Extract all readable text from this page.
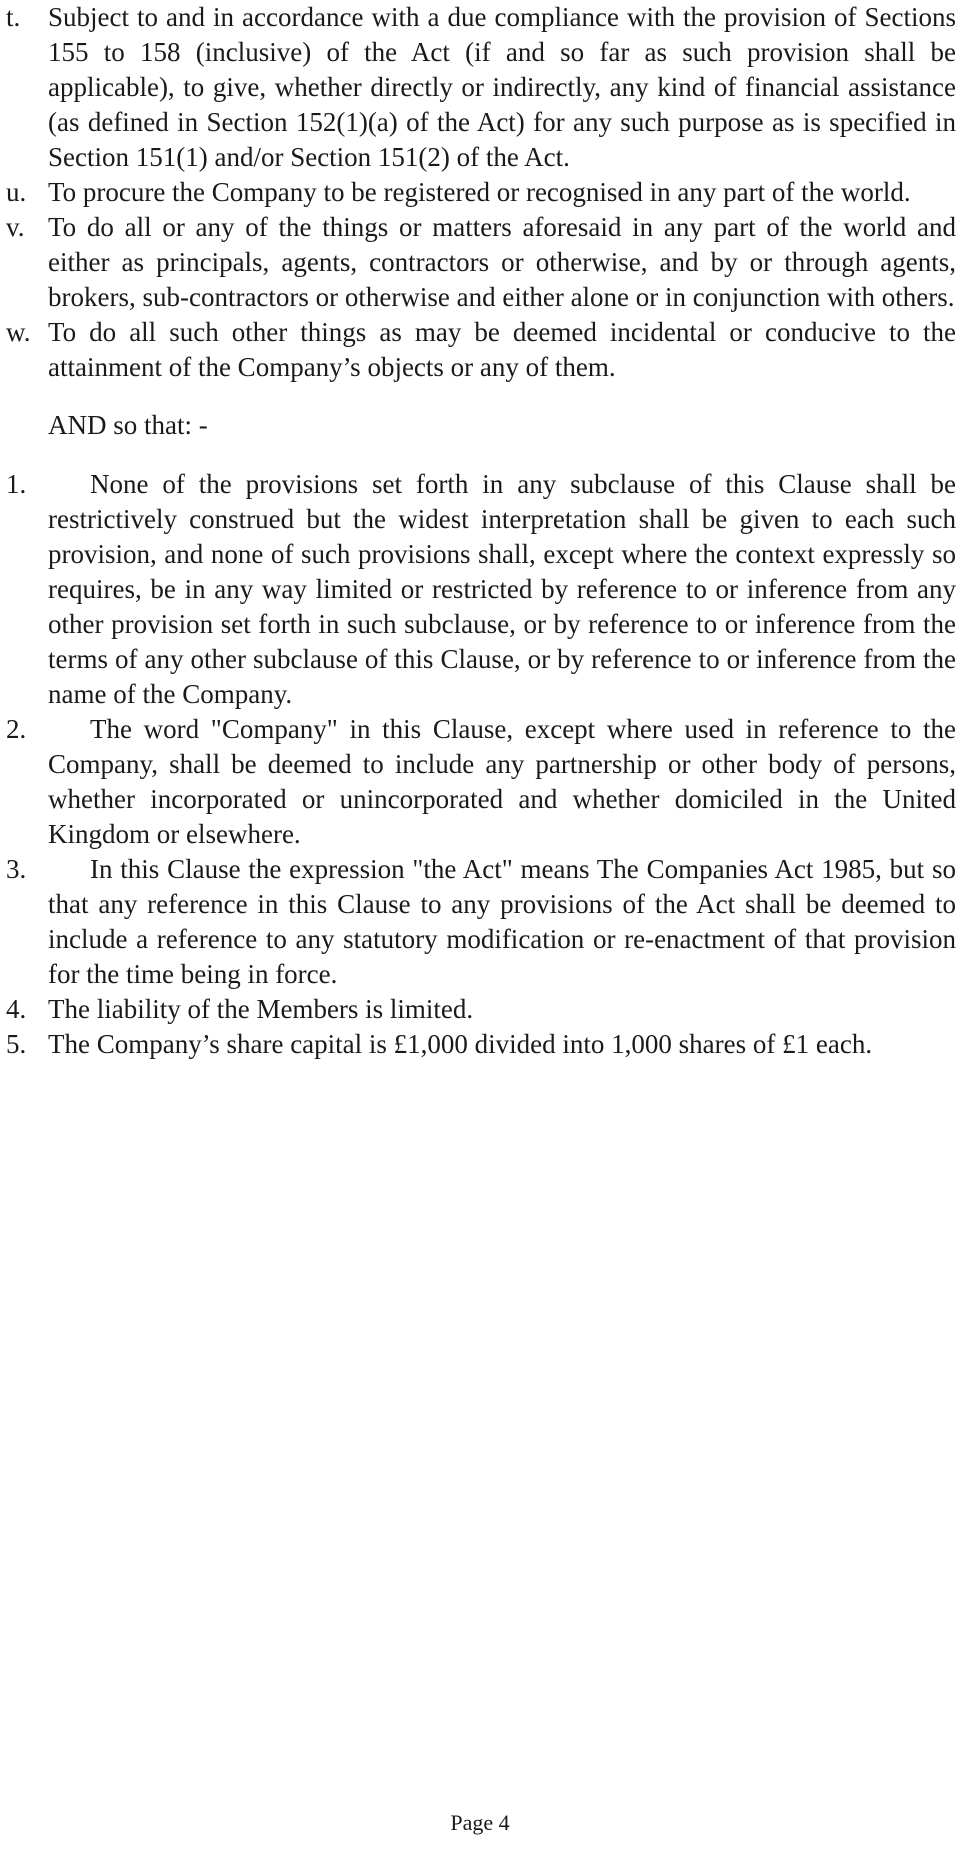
t.	Subject to and in accordance with a due compliance with the provision of Sections 155 to 158 (inclusive) of the Act (if and so far as such provision shall be applicable), to give, whether directly or indirectly, any kind of financial assistance (as defined in Section 152(1)(a) of the Act) for any such purpose as is specified in Section 151(1) and/or Section 151(2) of the Act.
u. To procure the Company to be registered or recognised in any part of the world.
v. To do all or any of the things or matters aforesaid in any part of the world and either as principals, agents, contractors or otherwise, and by or through agents, brokers, sub-contractors or otherwise and either alone or in conjunction with others.
w. To do all such other things as may be deemed incidental or conducive to the attainment of the Company’s objects or any of them.
AND so that: -
1.	None of the provisions set forth in any subclause of this Clause shall be restrictively construed but the widest interpretation shall be given to each such provision, and none of such provisions shall, except where the context expressly so requires, be in any way limited or restricted by reference to or inference from any other provision set forth in such subclause, or by reference to or inference from the terms of any other subclause of this Clause, or by reference to or inference from the name of the Company.
2.	The word "Company" in this Clause, except where used in reference to the Company, shall be deemed to include any partnership or other body of persons, whether incorporated or unincorporated and whether domiciled in the United Kingdom or elsewhere.
3.	In this Clause the expression "the Act" means The Companies Act 1985, but so that any reference in this Clause to any provisions of the Act shall be deemed to include a reference to any statutory modification or re-enactment of that provision for the time being in force.
4. The liability of the Members is limited.
5. The Company’s share capital is £1,000 divided into 1,000 shares of £1 each.
Page 4
